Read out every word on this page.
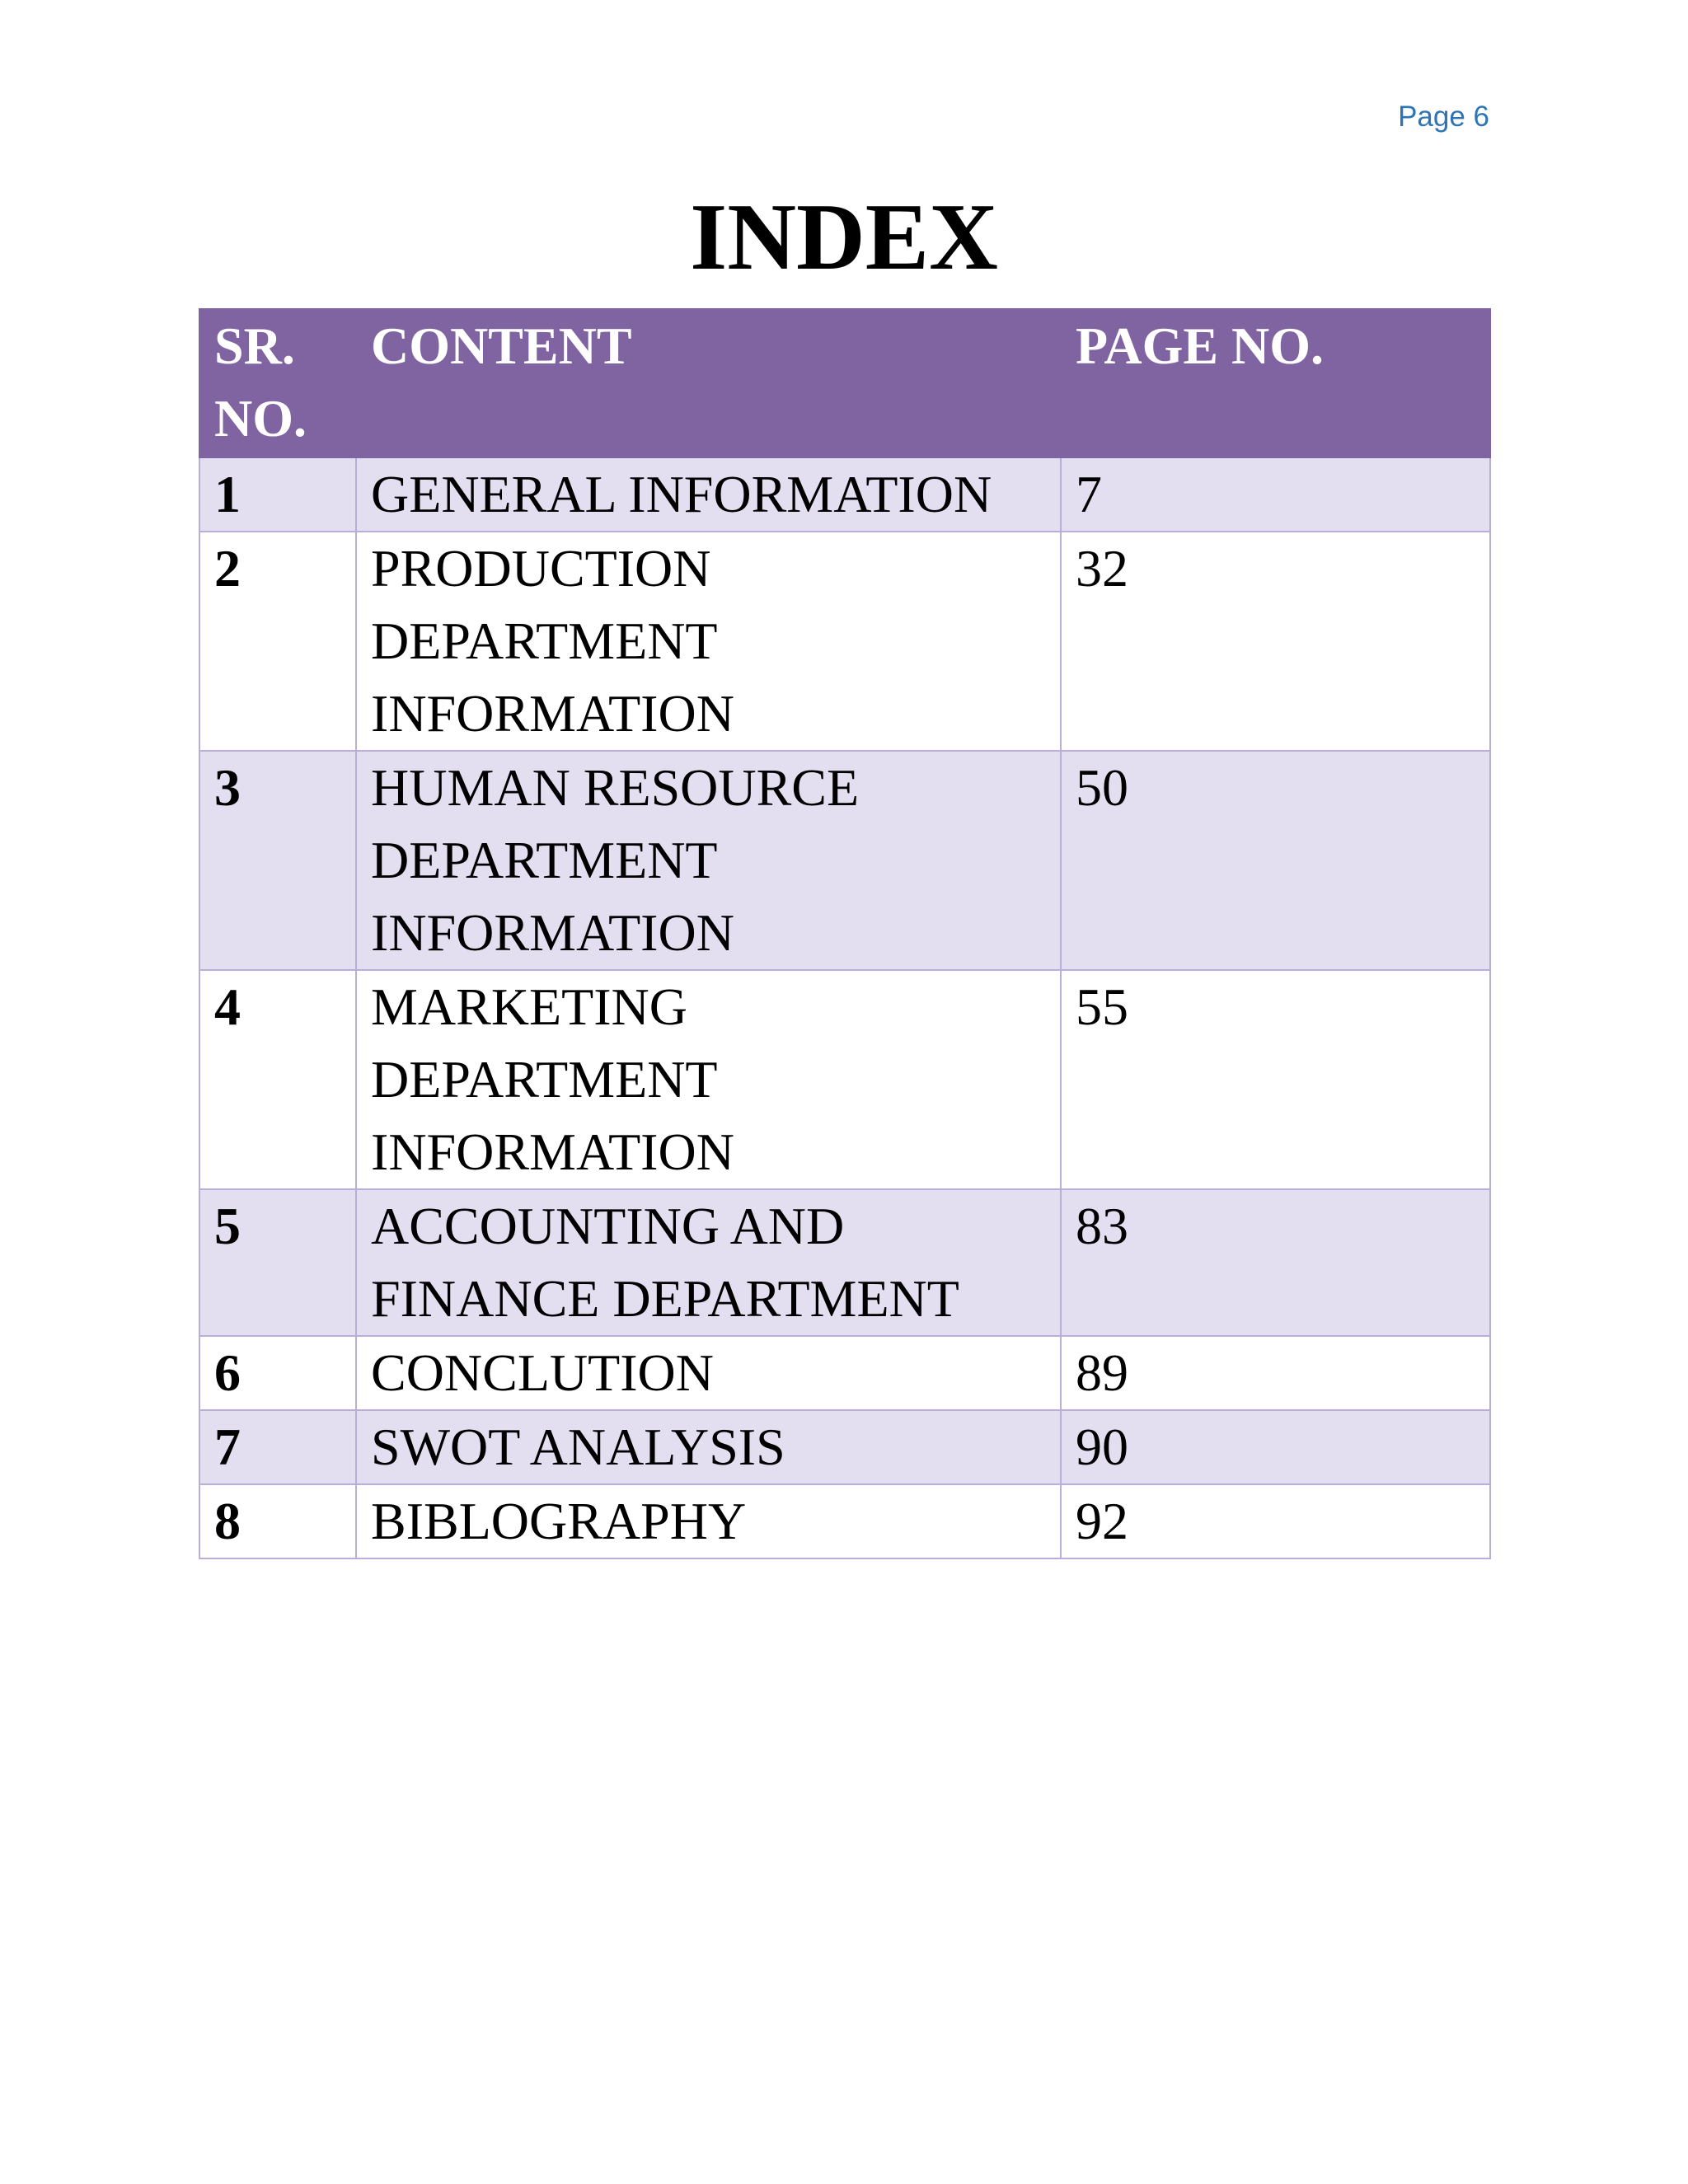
Page 6
INDEX
SR. NO.	CONTENT	PAGE NO.
1	GENERAL INFORMATION	7
2	PRODUCTION DEPARTMENT INFORMATION	32
3	HUMAN RESOURCE DEPARTMENT INFORMATION	50
4	MARKETING DEPARTMENT INFORMATION	55
5	ACCOUNTING AND FINANCE DEPARTMENT	83
6	CONCLUTION	89
7	SWOT ANALYSIS	90
8	BIBLOGRAPHY	92
